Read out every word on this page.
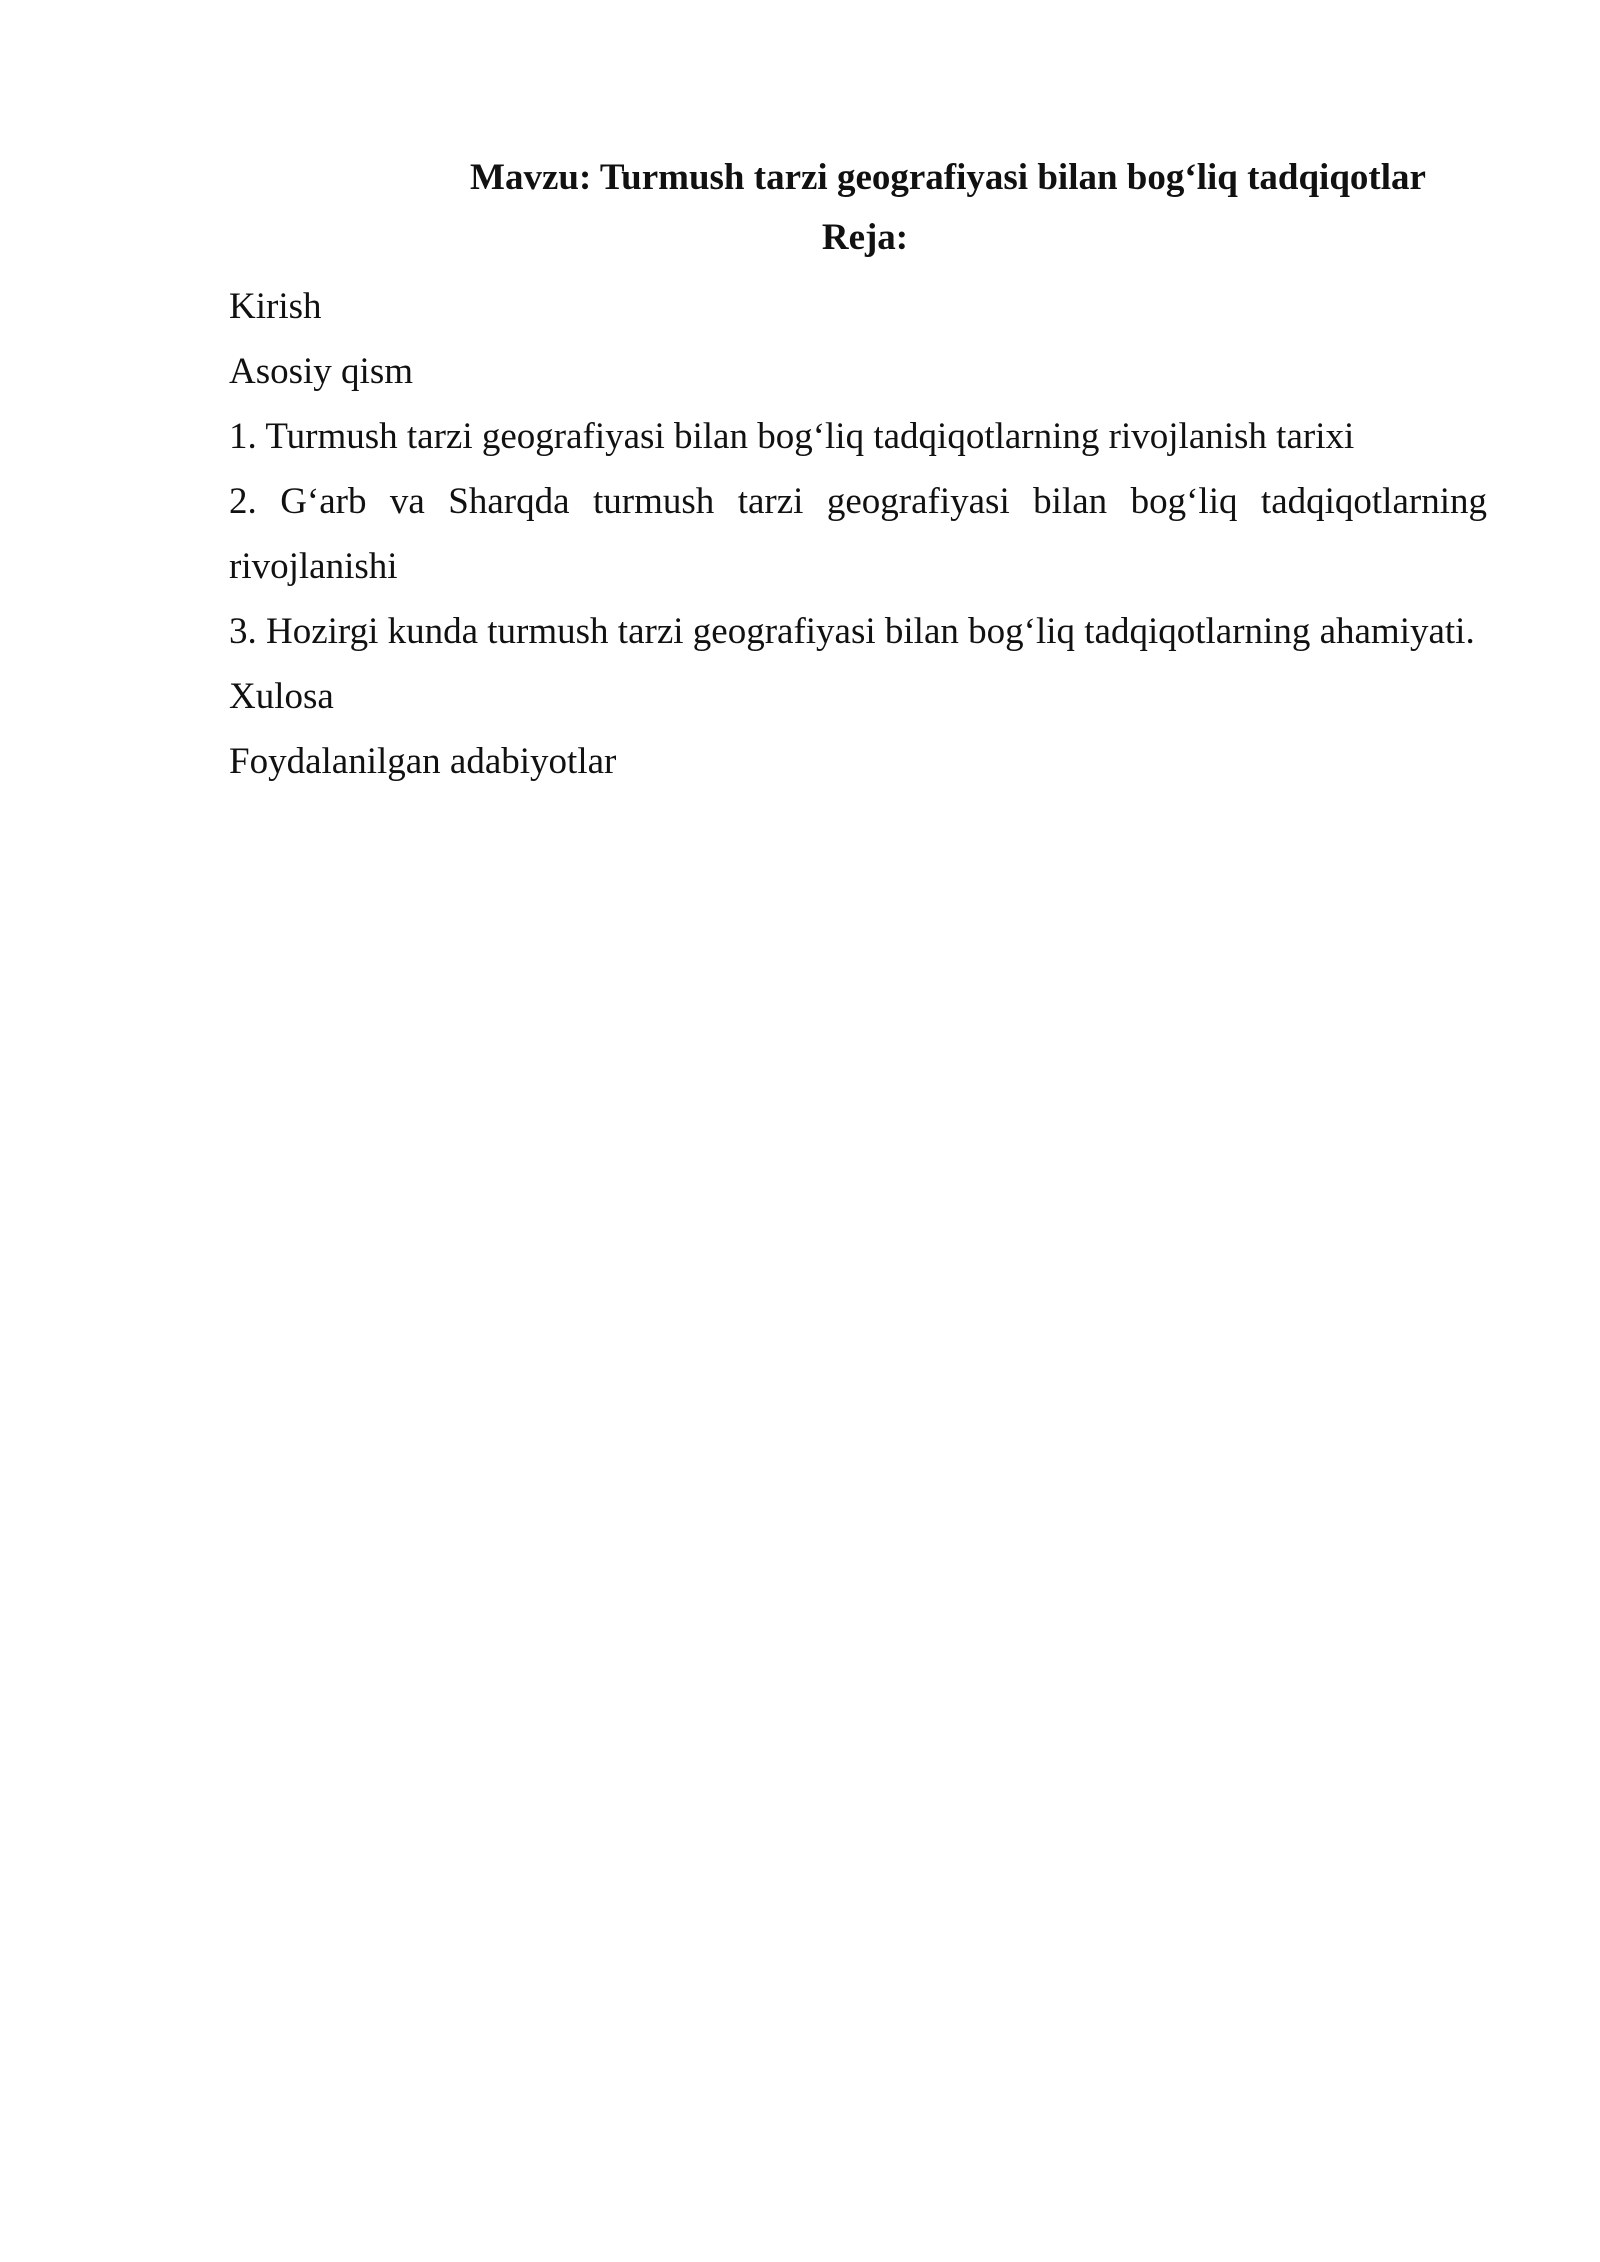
Mavzu: Turmush tarzi geografiyasi bilan bog‘liq tadqiqotlar

Reja:

Kirish

Asosiy qism

1. Turmush tarzi geografiyasi bilan bog‘liq tadqiqotlarning rivojlanish tarixi

2. G‘arb va Sharqda turmush tarzi geografiyasi bilan bog‘liq tadqiqotlarning
rivojlanishi

3. Hozirgi kunda turmush tarzi geografiyasi bilan bog‘liq tadqiqotlarning ahamiyati.

Xulosa

Foydalanilgan adabiyotlar
